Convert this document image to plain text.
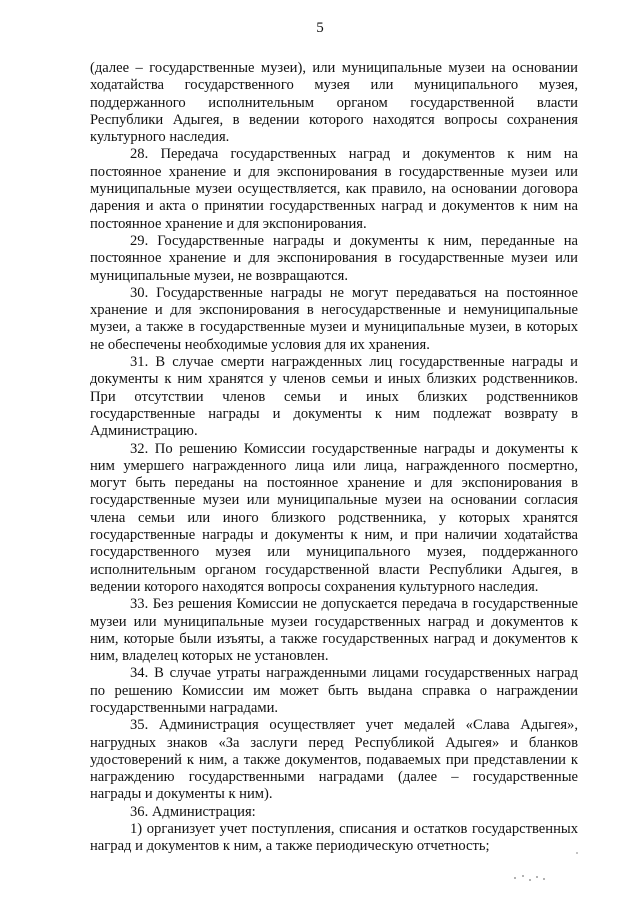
5

(далее – государственные музеи), или муниципальные музеи на основании ходатайства государственного музея или муниципального музея, поддержанного исполнительным органом государственной власти Республики Адыгея, в ведении которого находятся вопросы сохранения культурного наследия.

28. Передача государственных наград и документов к ним на постоянное хранение и для экспонирования в государственные музеи или муниципальные музеи осуществляется, как правило, на основании договора дарения и акта о принятии государственных наград и документов к ним на постоянное хранение и для экспонирования.

29. Государственные награды и документы к ним, переданные на постоянное хранение и для экспонирования в государственные музеи или муниципальные музеи, не возвращаются.

30. Государственные награды не могут передаваться на постоянное хранение и для экспонирования в негосударственные и немуниципальные музеи, а также в государственные музеи и муниципальные музеи, в которых не обеспечены необходимые условия для их хранения.

31. В случае смерти награжденных лиц государственные награды и документы к ним хранятся у членов семьи и иных близких родственников. При отсутствии членов семьи и иных близких родственников государственные награды и документы к ним подлежат возврату в Администрацию.

32. По решению Комиссии государственные награды и документы к ним умершего награжденного лица или лица, награжденного посмертно, могут быть переданы на постоянное хранение и для экспонирования в государственные музеи или муниципальные музеи на основании согласия члена семьи или иного близкого родственника, у которых хранятся государственные награды и документы к ним, и при наличии ходатайства государственного музея или муниципального музея, поддержанного исполнительным органом государственной власти Республики Адыгея, в ведении которого находятся вопросы сохранения культурного наследия.

33. Без решения Комиссии не допускается передача в государственные музеи или муниципальные музеи государственных наград и документов к ним, которые были изъяты, а также государственных наград и документов к ним, владелец которых не установлен.

34. В случае утраты награжденными лицами государственных наград по решению Комиссии им может быть выдана справка о награждении государственными наградами.

35. Администрация осуществляет учет медалей «Слава Адыгея», нагрудных знаков «За заслуги перед Республикой Адыгея» и бланков удостоверений к ним, а также документов, подаваемых при представлении к награждению государственными наградами (далее – государственные награды и документы к ним).

36. Администрация:

1) организует учет поступления, списания и остатков государственных наград и документов к ним, а также периодическую отчетность;
